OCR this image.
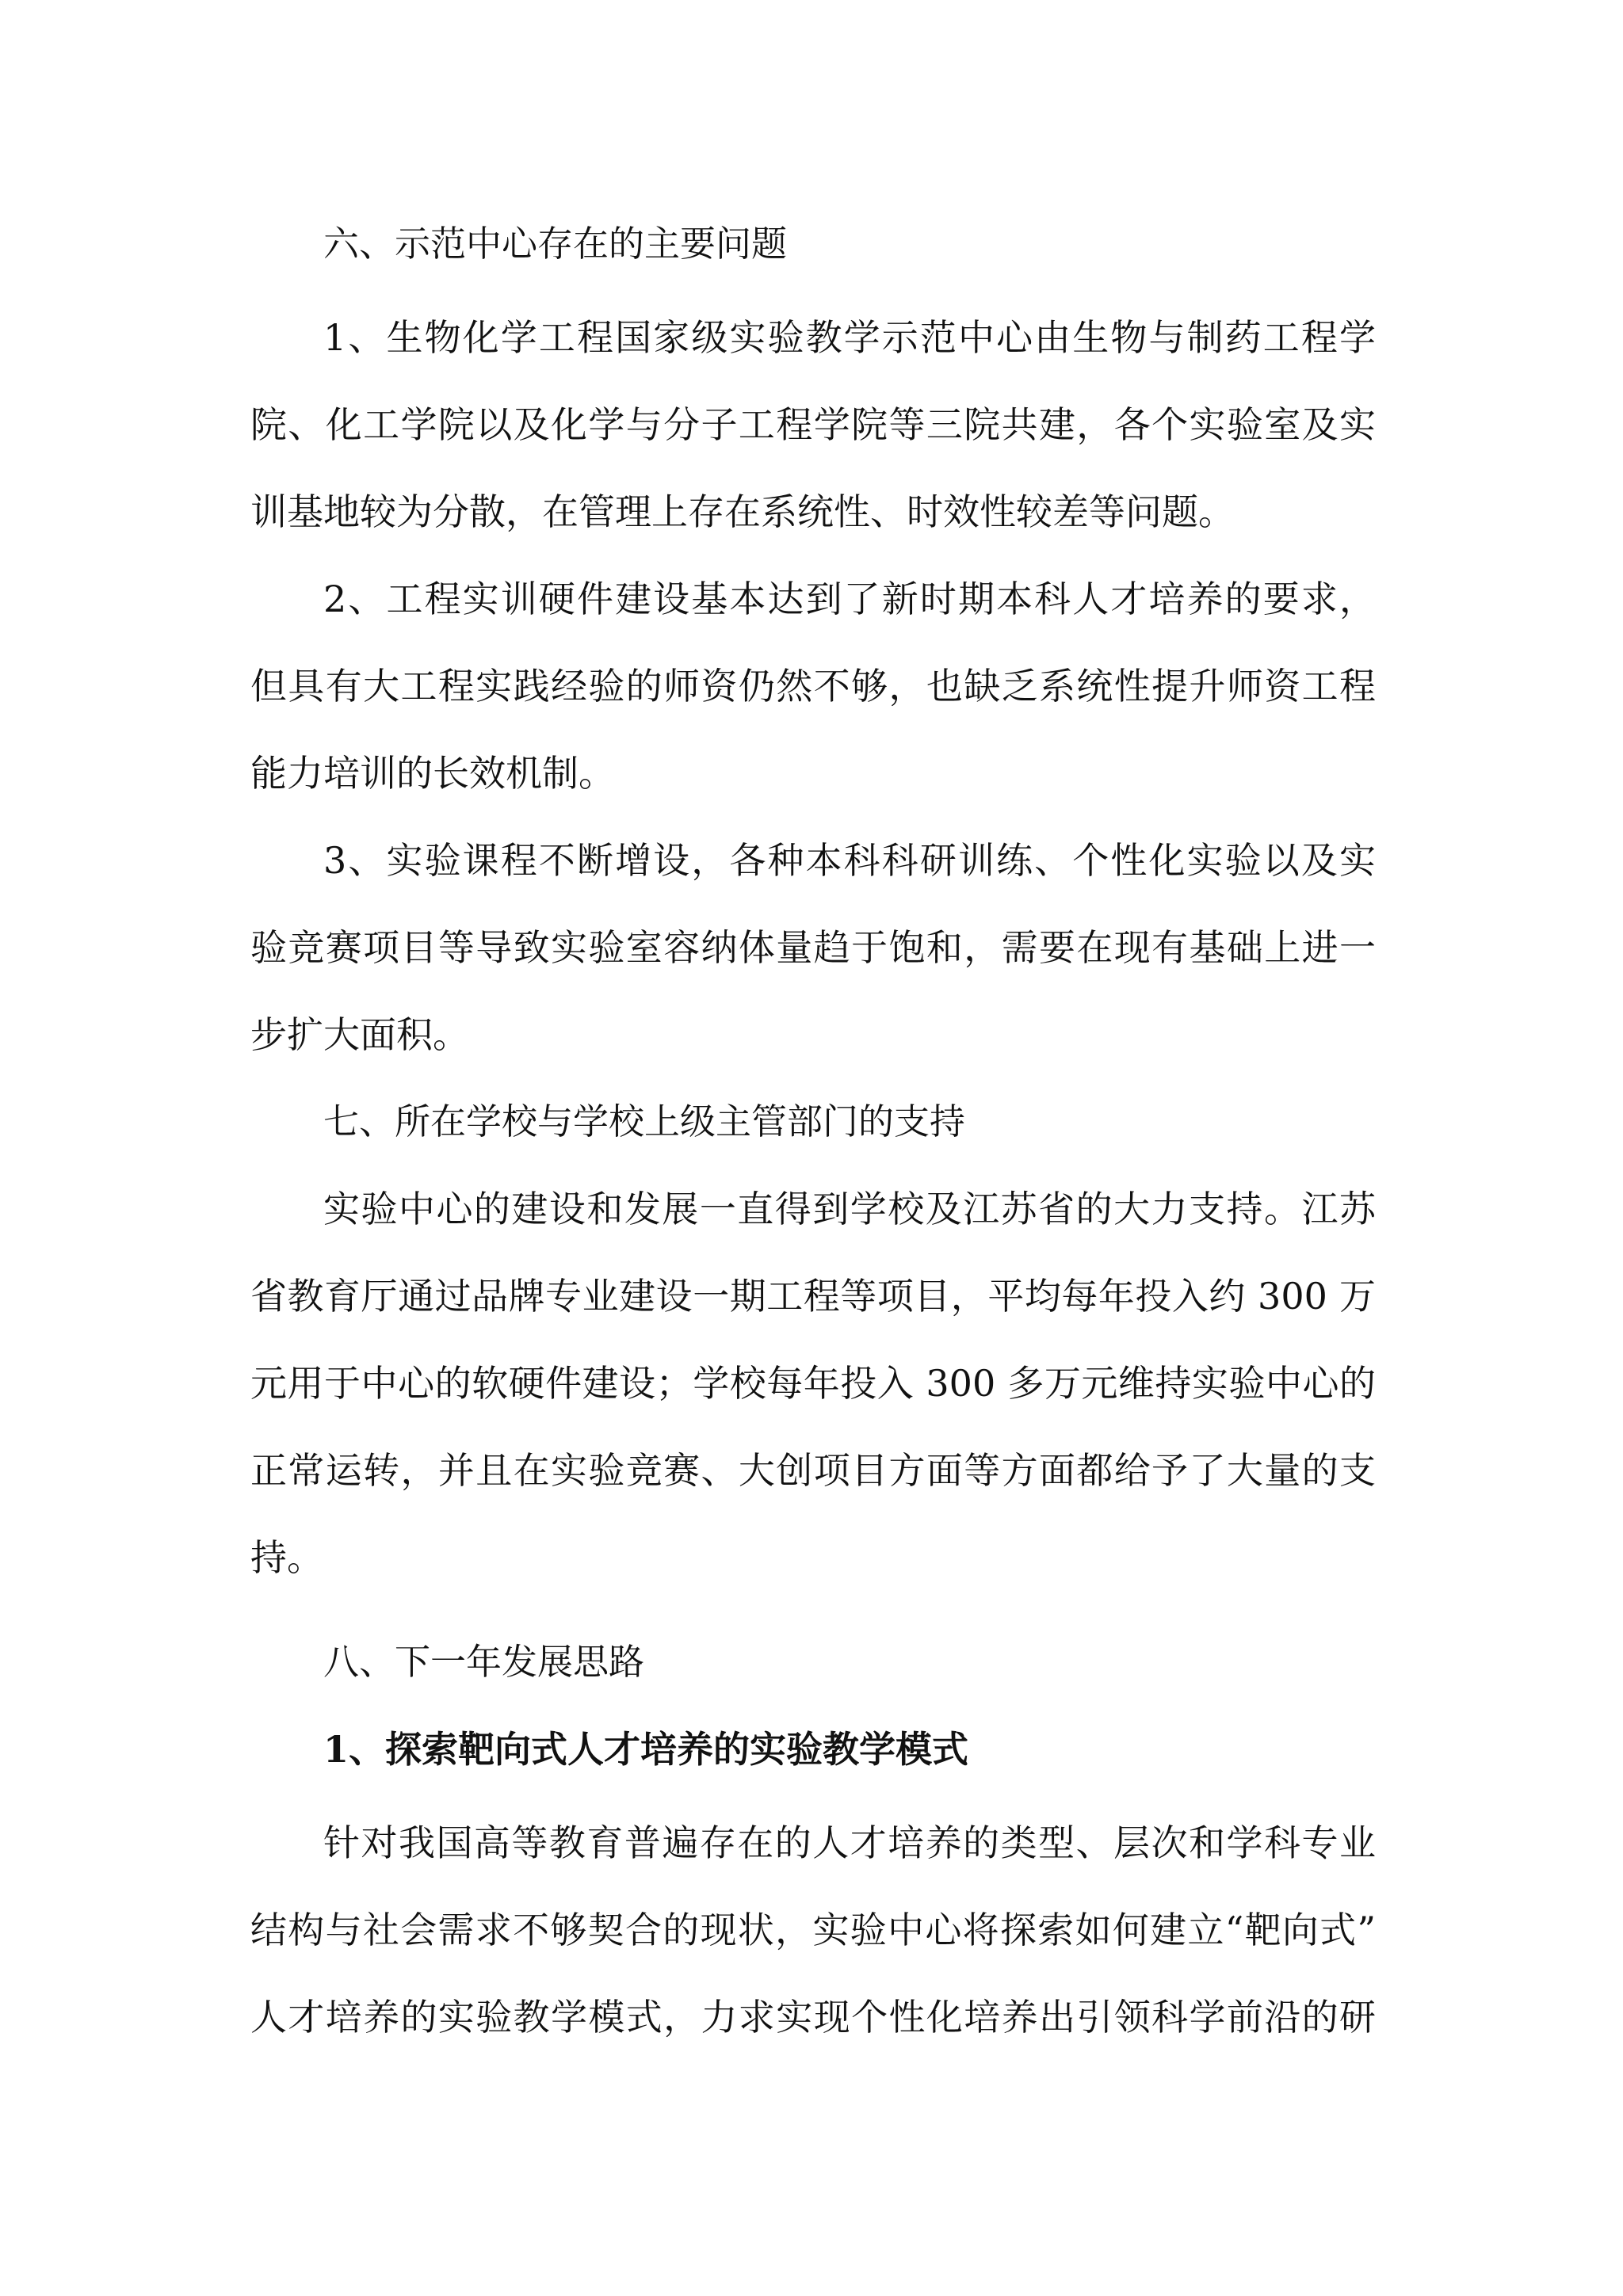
六、示范中心存在的主要问题
1、生物化学工程国家级实验教学示范中心由生物与制药工程学
院、化工学院以及化学与分子工程学院等三院共建，各个实验室及实
训基地较为分散，在管理上存在系统性、时效性较差等问题。
2、工程实训硬件建设基本达到了新时期本科人才培养的要求，
但具有大工程实践经验的师资仍然不够，也缺乏系统性提升师资工程
能力培训的长效机制。
3、实验课程不断增设，各种本科科研训练、个性化实验以及实
验竞赛项目等导致实验室容纳体量趋于饱和，需要在现有基础上进一
步扩大面积。
七、所在学校与学校上级主管部门的支持
实验中心的建设和发展一直得到学校及江苏省的大力支持。江苏
省教育厅通过品牌专业建设一期工程等项目，平均每年投入约 300 万
元用于中心的软硬件建设；学校每年投入 300 多万元维持实验中心的
正常运转，并且在实验竞赛、大创项目方面等方面都给予了大量的支
持。
八、下一年发展思路
1、探索靶向式人才培养的实验教学模式
针对我国高等教育普遍存在的人才培养的类型、层次和学科专业
结构与社会需求不够契合的现状，实验中心将探索如何建立“靶向式”
人才培养的实验教学模式，力求实现个性化培养出引领科学前沿的研
